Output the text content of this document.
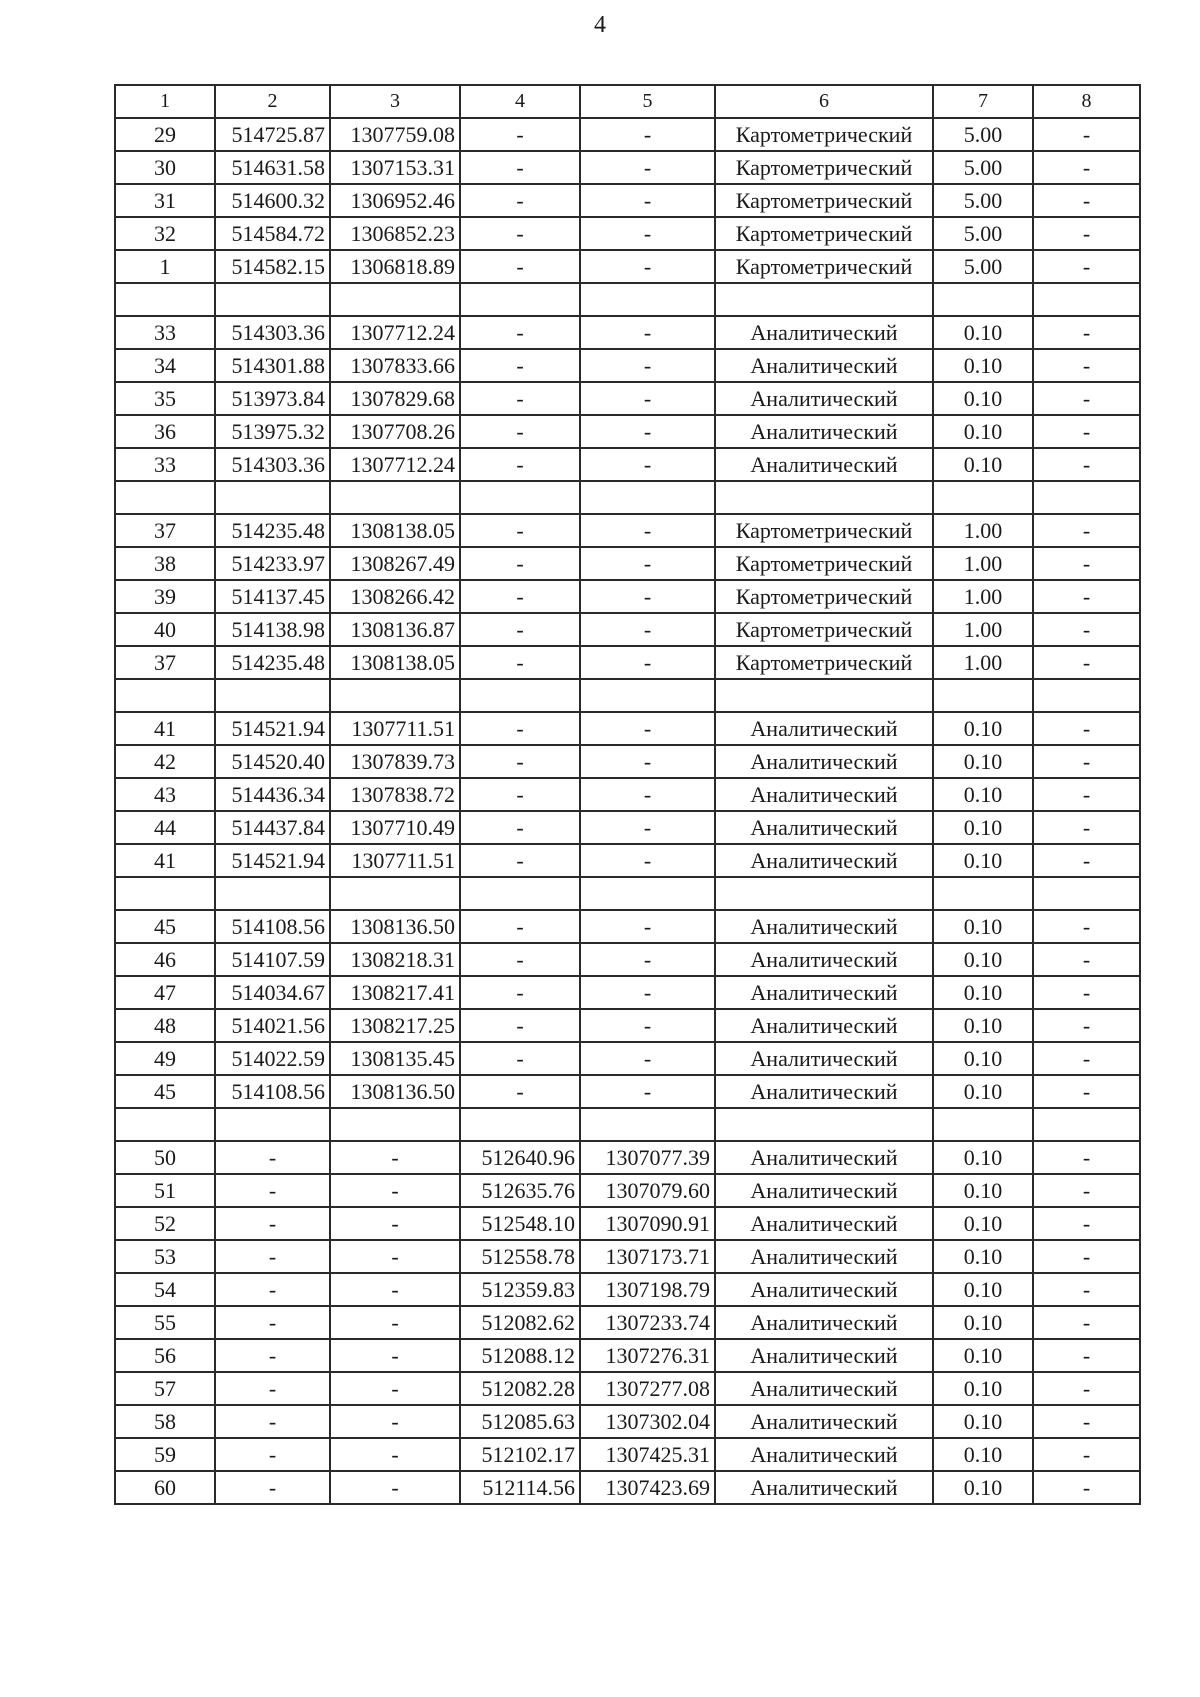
4
1	2	3	4	5	6	7	8
29	514725.87	1307759.08	-	-	Картометрический	5.00	-
30	514631.58	1307153.31	-	-	Картометрический	5.00	-
31	514600.32	1306952.46	-	-	Картометрический	5.00	-
32	514584.72	1306852.23	-	-	Картометрический	5.00	-
1	514582.15	1306818.89	-	-	Картометрический	5.00	-

33	514303.36	1307712.24	-	-	Аналитический	0.10	-
34	514301.88	1307833.66	-	-	Аналитический	0.10	-
35	513973.84	1307829.68	-	-	Аналитический	0.10	-
36	513975.32	1307708.26	-	-	Аналитический	0.10	-
33	514303.36	1307712.24	-	-	Аналитический	0.10	-

37	514235.48	1308138.05	-	-	Картометрический	1.00	-
38	514233.97	1308267.49	-	-	Картометрический	1.00	-
39	514137.45	1308266.42	-	-	Картометрический	1.00	-
40	514138.98	1308136.87	-	-	Картометрический	1.00	-
37	514235.48	1308138.05	-	-	Картометрический	1.00	-

41	514521.94	1307711.51	-	-	Аналитический	0.10	-
42	514520.40	1307839.73	-	-	Аналитический	0.10	-
43	514436.34	1307838.72	-	-	Аналитический	0.10	-
44	514437.84	1307710.49	-	-	Аналитический	0.10	-
41	514521.94	1307711.51	-	-	Аналитический	0.10	-

45	514108.56	1308136.50	-	-	Аналитический	0.10	-
46	514107.59	1308218.31	-	-	Аналитический	0.10	-
47	514034.67	1308217.41	-	-	Аналитический	0.10	-
48	514021.56	1308217.25	-	-	Аналитический	0.10	-
49	514022.59	1308135.45	-	-	Аналитический	0.10	-
45	514108.56	1308136.50	-	-	Аналитический	0.10	-

50	-	-	512640.96	1307077.39	Аналитический	0.10	-
51	-	-	512635.76	1307079.60	Аналитический	0.10	-
52	-	-	512548.10	1307090.91	Аналитический	0.10	-
53	-	-	512558.78	1307173.71	Аналитический	0.10	-
54	-	-	512359.83	1307198.79	Аналитический	0.10	-
55	-	-	512082.62	1307233.74	Аналитический	0.10	-
56	-	-	512088.12	1307276.31	Аналитический	0.10	-
57	-	-	512082.28	1307277.08	Аналитический	0.10	-
58	-	-	512085.63	1307302.04	Аналитический	0.10	-
59	-	-	512102.17	1307425.31	Аналитический	0.10	-
60	-	-	512114.56	1307423.69	Аналитический	0.10	-
